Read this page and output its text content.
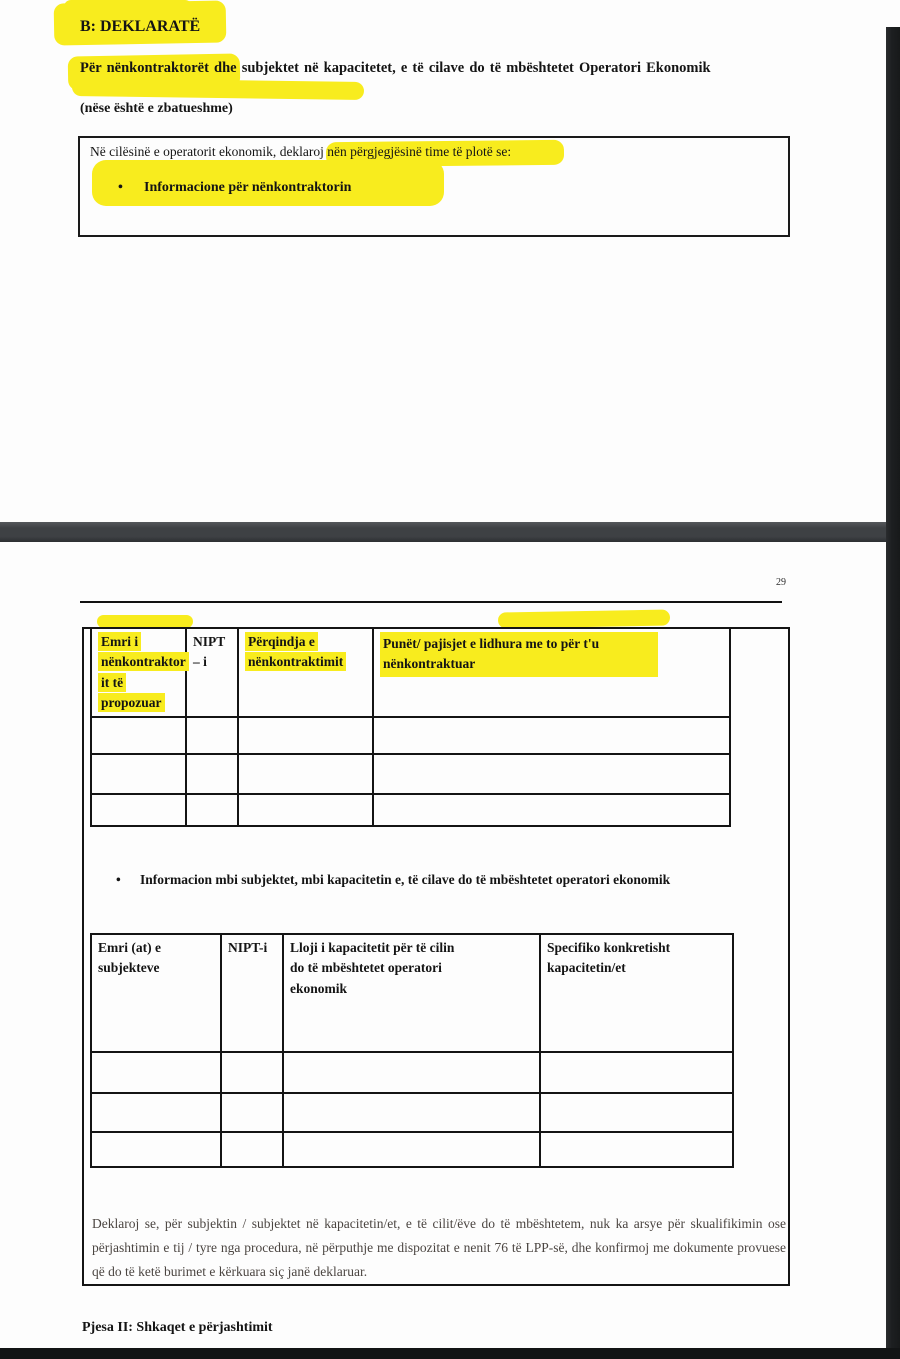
B: DEKLARATË

Për nënkontraktorët dhe subjektet në kapacitetet, e të cilave do të mbështetet Operatori Ekonomik

(nëse është e zbatueshme)

Në cilësinë e operatorit ekonomik, deklaroj nën përgjegjësinë time të plotë se:

• Informacione për nënkontraktorin

29
Emri i nënkontraktor it të propozuar	NIPT – i	Përqindja e nënkontraktimit	Punët/ pajisjet e lidhura me to për t'u nënkontraktuar

• Informacion mbi subjektet, mbi kapacitetin e, të cilave do të mbështetet operatori ekonomik

Emri (at) e subjekteve	NIPT-i	Lloji i kapacitetit për të cilin do të mbështetet operatori ekonomik	Specifiko konkretisht kapacitetin/et

Deklaroj se, për subjektin / subjektet në kapacitetin/et, e të cilit/ëve do të mbështetem, nuk ka arsye për skualifikimin ose përjashtimin e tij / tyre nga procedura, në përputhje me dispozitat e nenit 76 të LPP-së, dhe konfirmoj me dokumente provuese që do të ketë burimet e kërkuara siç janë deklaruar.

Pjesa II: Shkaqet e përjashtimit
